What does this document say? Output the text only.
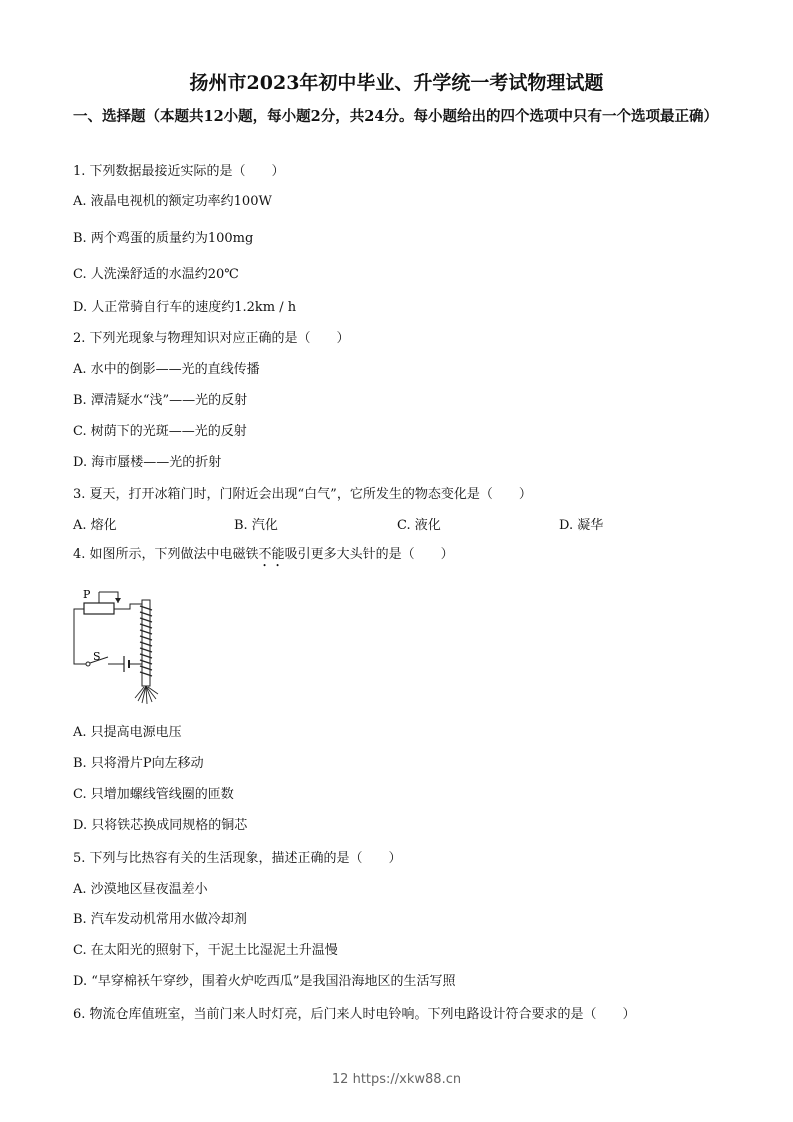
扬州市2023年初中毕业、升学统一考试物理试题
一、选择题（本题共12小题，每小题2分，共24分。每小题给出的四个选项中只有一个选项最正确）
1. 下列数据最接近实际的是（　　）
A. 液晶电视机的额定功率约100W
B. 两个鸡蛋的质量约为100mg
C. 人洗澡舒适的水温约20℃
D. 人正常骑自行车的速度约1.2km / h
2. 下列光现象与物理知识对应正确的是（　　）
A. 水中的倒影——光的直线传播
B. 潭清疑水“浅”——光的反射
C. 树荫下的光斑——光的反射
D. 海市蜃楼——光的折射
3. 夏天，打开冰箱门时，门附近会出现“白气”，它所发生的物态变化是（　　）
A. 熔化	B. 汽化	C. 液化	D. 凝华
4. 如图所示，下列做法中电磁铁不能吸引更多大头针的是（　　）
P
S
A. 只提高电源电压
B. 只将滑片P向左移动
C. 只增加螺线管线圈的匝数
D. 只将铁芯换成同规格的铜芯
5. 下列与比热容有关的生活现象，描述正确的是（　　）
A. 沙漠地区昼夜温差小
B. 汽车发动机常用水做冷却剂
C. 在太阳光的照射下，干泥土比湿泥土升温慢
D. “早穿棉袄午穿纱，围着火炉吃西瓜”是我国沿海地区的生活写照
6. 物流仓库值班室，当前门来人时灯亮，后门来人时电铃响。下列电路设计符合要求的是（　　）
12 https://xkw88.cn
